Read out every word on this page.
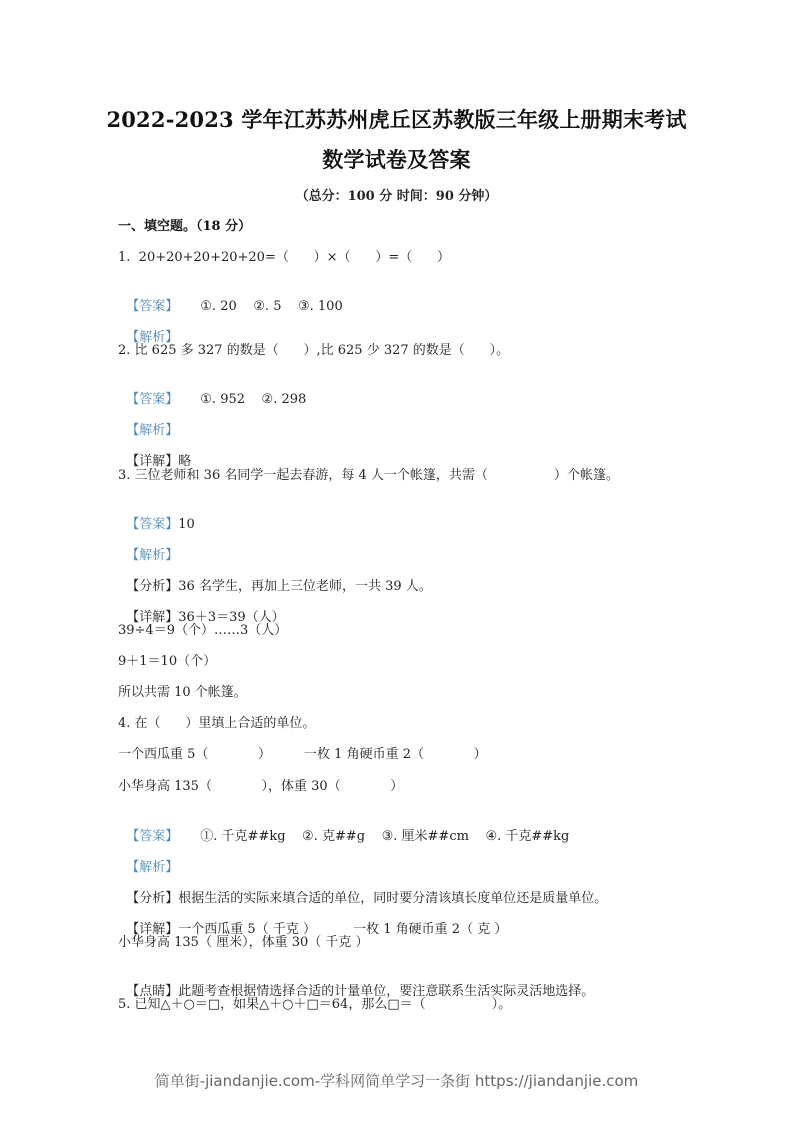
2022-2023 学年江苏苏州虎丘区苏教版三年级上册期末考试
数学试卷及答案
（总分：100 分 时间：90 分钟）
一、填空题。（18 分）
1.  20+20+20+20+20=（      ）×（      ）=（      ）

【答案】 ①. 20    ②. 5    ③. 100

【解析】

2. 比 625 多 327 的数是（      ）,比 625 少 327 的数是（      ）。

【答案】 ①. 952    ②. 298

【解析】

【详解】略

3. 三位老师和 36 名同学一起去春游，每 4 人一个帐篷，共需（                ）个帐篷。

【答案】10

【解析】

【分析】36 名学生，再加上三位老师，一共 39 人。

【详解】36＋3＝39（人）

39÷4＝9（个）……3（人）
9＋1＝10（个）
所以共需 10 个帐篷。
4. 在（      ）里填上合适的单位。
一个西瓜重 5（            ）        一枚 1 角硬币重 2（            ）
小华身高 135（            ），体重 30（            ）

【答案】 ①. 千克##kg    ②. 克##g    ③. 厘米##cm    ④. 千克##kg

【解析】

【分析】根据生活的实际来填合适的单位，同时要分清该填长度单位还是质量单位。

【详解】一个西瓜重 5（ 千克 ）         一枚 1 角硬币重 2（ 克 ）

小华身高 135（ 厘米），体重 30（ 千克 ）

【点睛】此题考查根据情选择合适的计量单位，要注意联系生活实际灵活地选择。

5. 已知△＋○＝□，如果△＋○＋□＝64，那么□＝（                ）。
简单街-jiandanjie.com-学科网简单学习一条街 https://jiandanjie.com
